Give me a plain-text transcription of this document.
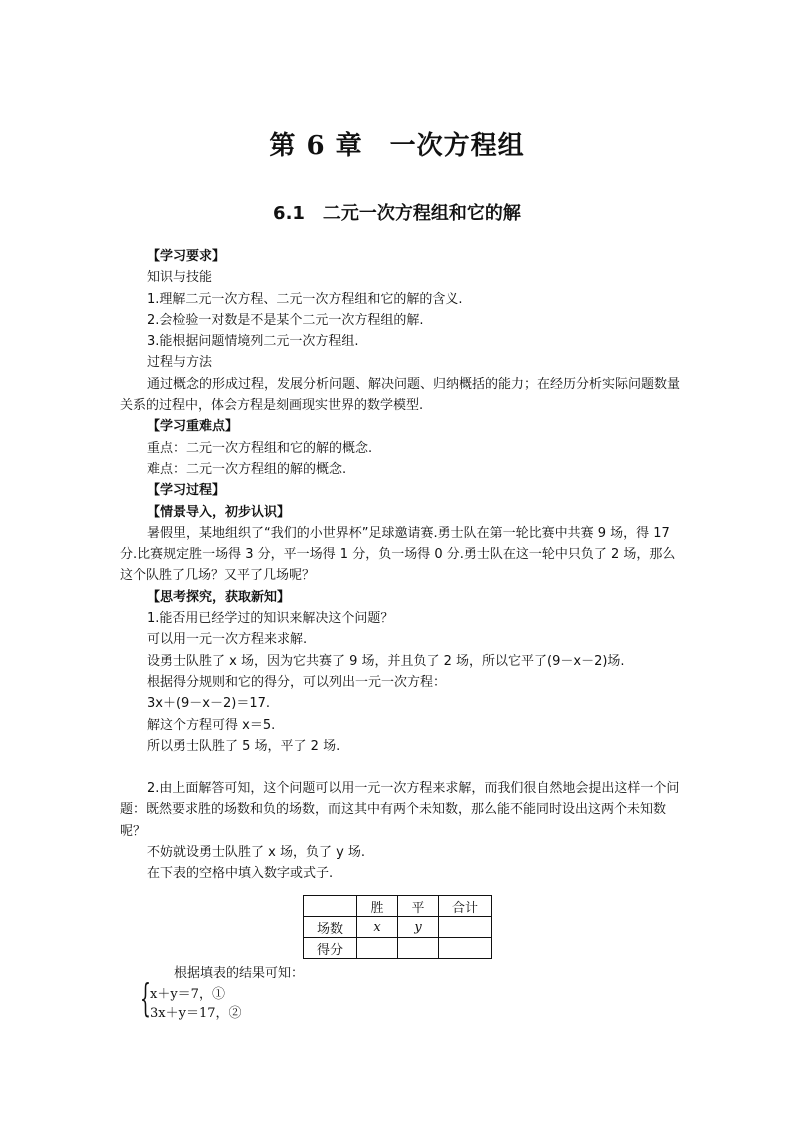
第 6 章　一次方程组
6.1　二元一次方程组和它的解

【学习要求】

知识与技能

1.理解二元一次方程、二元一次方程组和它的解的含义.

2.会检验一对数是不是某个二元一次方程组的解.

3.能根据问题情境列二元一次方程组.

过程与方法

通过概念的形成过程，发展分析问题、解决问题、归纳概括的能力；在经历分析实际问题数量关系的过程中，体会方程是刻画现实世界的数学模型.

【学习重难点】

重点：二元一次方程组和它的解的概念.

难点：二元一次方程组的解的概念.

【学习过程】

【情景导入，初步认识】

暑假里，某地组织了“我们的小世界杯”足球邀请赛.勇士队在第一轮比赛中共赛 9 场，得 17 分.比赛规定胜一场得 3 分，平一场得 1 分，负一场得 0 分.勇士队在这一轮中只负了 2 场，那么这个队胜了几场？又平了几场呢？

【思考探究，获取新知】

1.能否用已经学过的知识来解决这个问题？

可以用一元一次方程来求解.

设勇士队胜了 x 场，因为它共赛了 9 场，并且负了 2 场，所以它平了(9－x－2)场.

根据得分规则和它的得分，可以列出一元一次方程：

3x＋(9－x－2)＝17.

解这个方程可得 x＝5.

所以勇士队胜了 5 场，平了 2 场.

2.由上面解答可知，这个问题可以用一元一次方程来求解，而我们很自然地会提出这样一个问题：既然要求胜的场数和负的场数，而这其中有两个未知数，那么能不能同时设出这两个未知数呢？

不妨就设勇士队胜了 x 场，负了 y 场.

在下表的空格中填入数字或式子.

	胜	平	合计
场数	x	y	
得分			
根据填表的结果可知：
{ x＋y＝7，①
3x＋y＝17，②
